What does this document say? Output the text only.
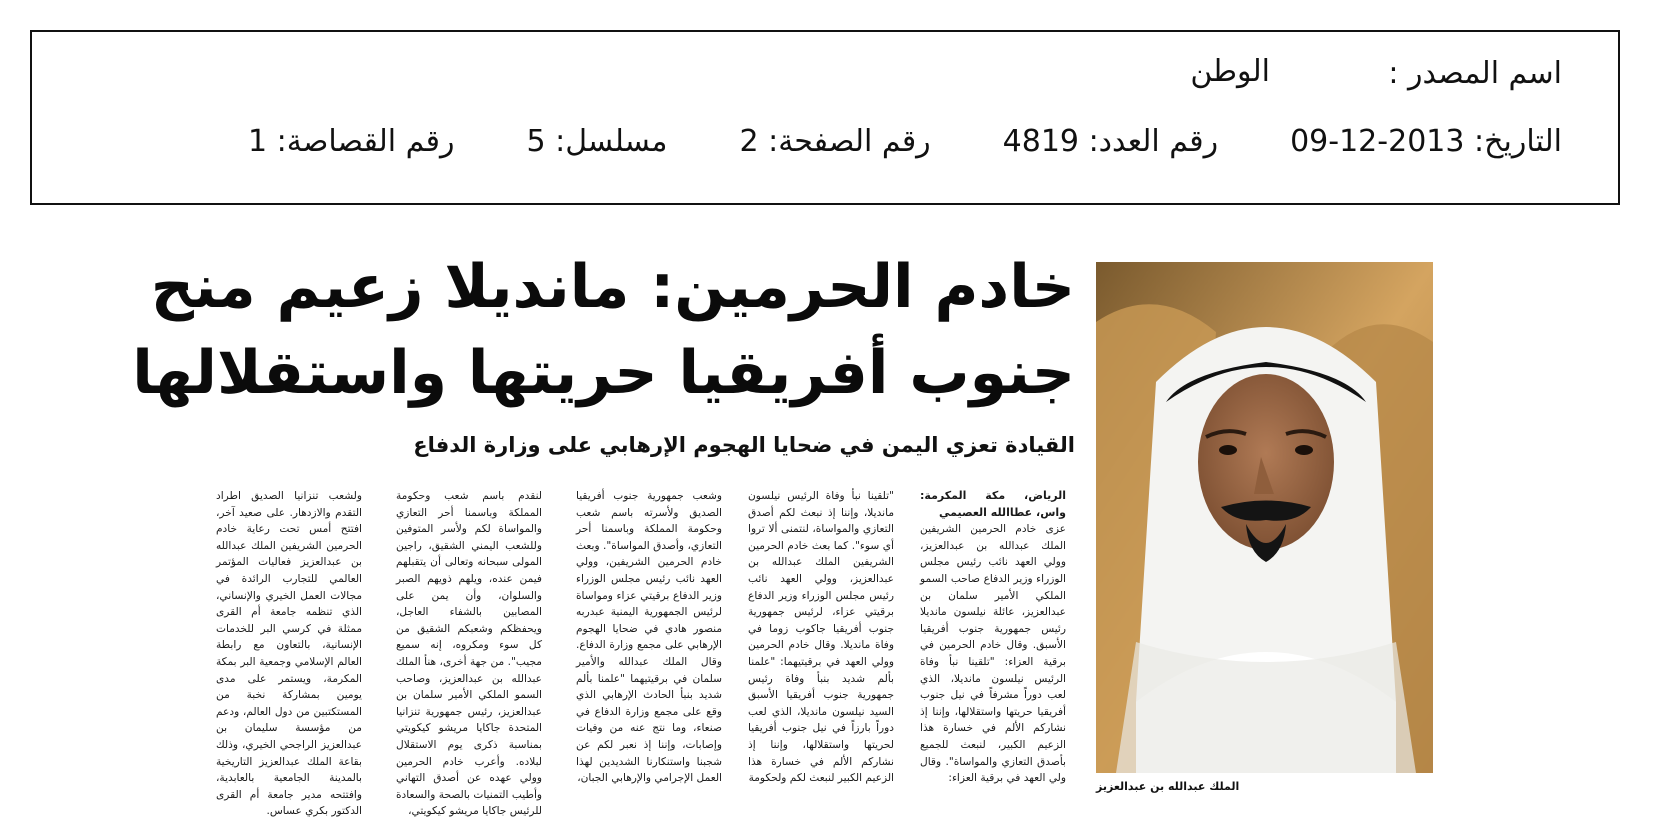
اسم المصدر :
الوطن
التاريخ: 2013-12-09رقم العدد: 4819رقم الصفحة: 2مسلسل: 5رقم القصاصة: 1
الملك عبدالله بن عبدالعزيز
خادم الحرمين: مانديلا زعيم منح
جنوب أفريقيا حريتها واستقلالها
القيادة تعزي اليمن في ضحايا الهجوم الإرهابي على وزارة الدفاع
الرياض، مكة المكرمة: واس، عطاالله العصيمي
عزى خادم الحرمين الشريفين الملك عبدالله بن عبدالعزيز، وولي العهد نائب رئيس مجلس الوزراء وزير الدفاع صاحب السمو الملكي الأمير سلمان بن عبدالعزيز، عائلة نيلسون مانديلا رئيس جمهورية جنوب أفريقيا الأسبق. وقال خادم الحرمين في برقية العزاء: "تلقينا نبأ وفاة الرئيس نيلسون مانديلا، الذي لعب دوراً مشرفاً في نيل جنوب أفريقيا حريتها واستقلالها، وإننا إذ نشاركم الألم في خسارة هذا الزعيم الكبير، لنبعث للجميع بأصدق التعازي والمواساة". وقال ولي العهد في برقية العزاء:
"تلقينا نبأ وفاة الرئيس نيلسون مانديلا، وإننا إذ نبعث لكم أصدق التعازي والمواساة، لنتمنى ألا تروا أي سوء". كما بعث خادم الحرمين الشريفين الملك عبدالله بن عبدالعزيز، وولي العهد نائب رئيس مجلس الوزراء وزير الدفاع برقيتي عزاء، لرئيس جمهورية جنوب أفريقيا جاكوب زوما في وفاة مانديلا. وقال خادم الحرمين وولي العهد في برقيتيهما: "علمنا بألم شديد بنبأ وفاة رئيس جمهورية جنوب أفريقيا الأسبق السيد نيلسون مانديلا، الذي لعب دوراً بارزاً في نيل جنوب أفريقيا لحريتها واستقلالها، وإننا إذ نشاركم الألم في خسارة هذا الزعيم الكبير لنبعث لكم ولحكومة
وشعب جمهورية جنوب أفريقيا الصديق ولأسرته باسم شعب وحكومة المملكة وباسمنا أحر التعازي، وأصدق المواساة". وبعث خادم الحرمين الشريفين، وولي العهد نائب رئيس مجلس الوزراء وزير الدفاع برقيتي عزاء ومواساة لرئيس الجمهورية اليمنية عبدربه منصور هادي في ضحايا الهجوم الإرهابي على مجمع وزارة الدفاع. وقال الملك عبدالله والأمير سلمان في برقيتيهما "علمنا بألم شديد بنبأ الحادث الإرهابي الذي وقع على مجمع وزارة الدفاع في صنعاء، وما نتج عنه من وفيات وإصابات، وإننا إذ نعبر لكم عن شجبنا واستنكارنا الشديدين لهذا العمل الإجرامي والإرهابي الجبان،
لنقدم باسم شعب وحكومة المملكة وباسمنا أحر التعازي والمواساة لكم ولأسر المتوفين وللشعب اليمني الشقيق، راجين المولى سبحانه وتعالى أن يتقبلهم فيمن عنده، ويلهم ذويهم الصبر والسلوان، وأن يمن على المصابين بالشفاء العاجل، ويحفظكم وشعبكم الشقيق من كل سوء ومكروه، إنه سميع مجيب". من جهة أخرى، هنأ الملك عبدالله بن عبدالعزيز، وصاحب السمو الملكي الأمير سلمان بن عبدالعزيز، رئيس جمهورية تنزانيا المتحدة جاكايا مريشو كيكويتي بمناسبة ذكرى يوم الاستقلال لبلاده. وأعرب خادم الحرمين وولي عهده عن أصدق التهاني وأطيب التمنيات بالصحة والسعادة للرئيس جاكايا مريشو كيكويتي،
ولشعب تنزانيا الصديق اطراد التقدم والازدهار. على صعيد آخر، افتتح أمس تحت رعاية خادم الحرمين الشريفين الملك عبدالله بن عبدالعزيز فعاليات المؤتمر العالمي للتجارب الرائدة في مجالات العمل الخيري والإنساني، الذي تنظمه جامعة أم القرى ممثلة في كرسي البر للخدمات الإنسانية، بالتعاون مع رابطة العالم الإسلامي وجمعية البر بمكة المكرمة، ويستمر على مدى يومين بمشاركة نخبة من المستكتبين من دول العالم، ودعم من مؤسسة سليمان بن عبدالعزيز الراجحي الخيري، وذلك بقاعة الملك عبدالعزيز التاريخية بالمدينة الجامعية بالعابدية، وافتتحه مدير جامعة أم القرى الدكتور بكري عساس.
